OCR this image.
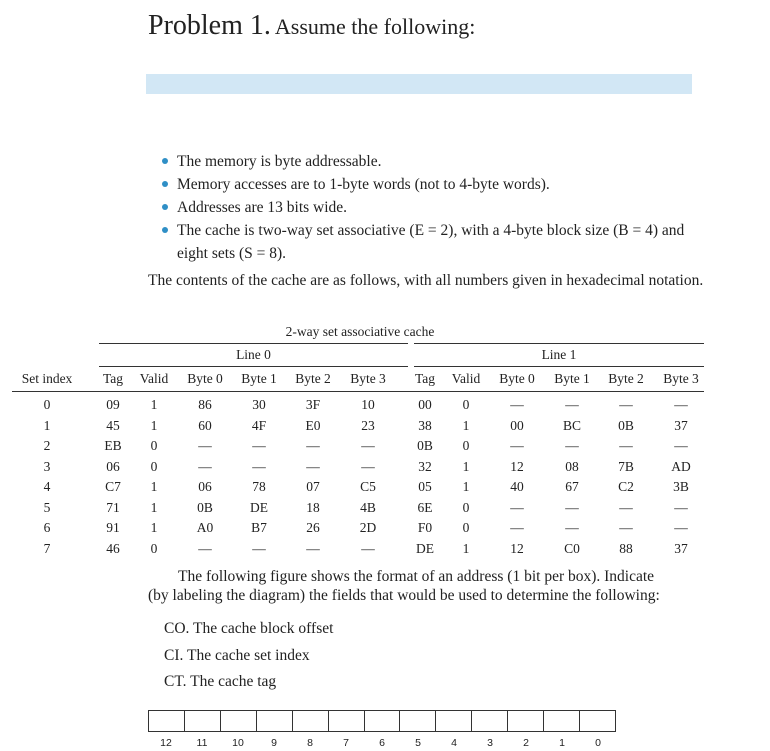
Problem 1. Assume the following:
The memory is byte addressable.
Memory accesses are to 1-byte words (not to 4-byte words).
Addresses are 13 bits wide.
The cache is two-way set associative (E = 2), with a 4-byte block size (B = 4) and eight sets (S = 8).
The contents of the cache are as follows, with all numbers given in hexadecimal notation.
2-way set associative cache
Line 0	Line 1
Set index	Tag	Valid	Byte 0	Byte 1	Byte 2	Byte 3	Tag	Valid	Byte 0	Byte 1	Byte 2	Byte 3
0	09	1	86	30	3F	10	00	0	—	—	—	—
1	45	1	60	4F	E0	23	38	1	00	BC	0B	37
2	EB	0	—	—	—	—	0B	0	—	—	—	—
3	06	0	—	—	—	—	32	1	12	08	7B	AD
4	C7	1	06	78	07	C5	05	1	40	67	C2	3B
5	71	1	0B	DE	18	4B	6E	0	—	—	—	—
6	91	1	A0	B7	26	2D	F0	0	—	—	—	—
7	46	0	—	—	—	—	DE	1	12	C0	88	37
The following figure shows the format of an address (1 bit per box). Indicate
(by labeling the diagram) the fields that would be used to determine the following:
CO. The cache block offset
CI. The cache set index
CT. The cache tag
12	11	10	9	8	7	6	5	4	3	2	1	0
